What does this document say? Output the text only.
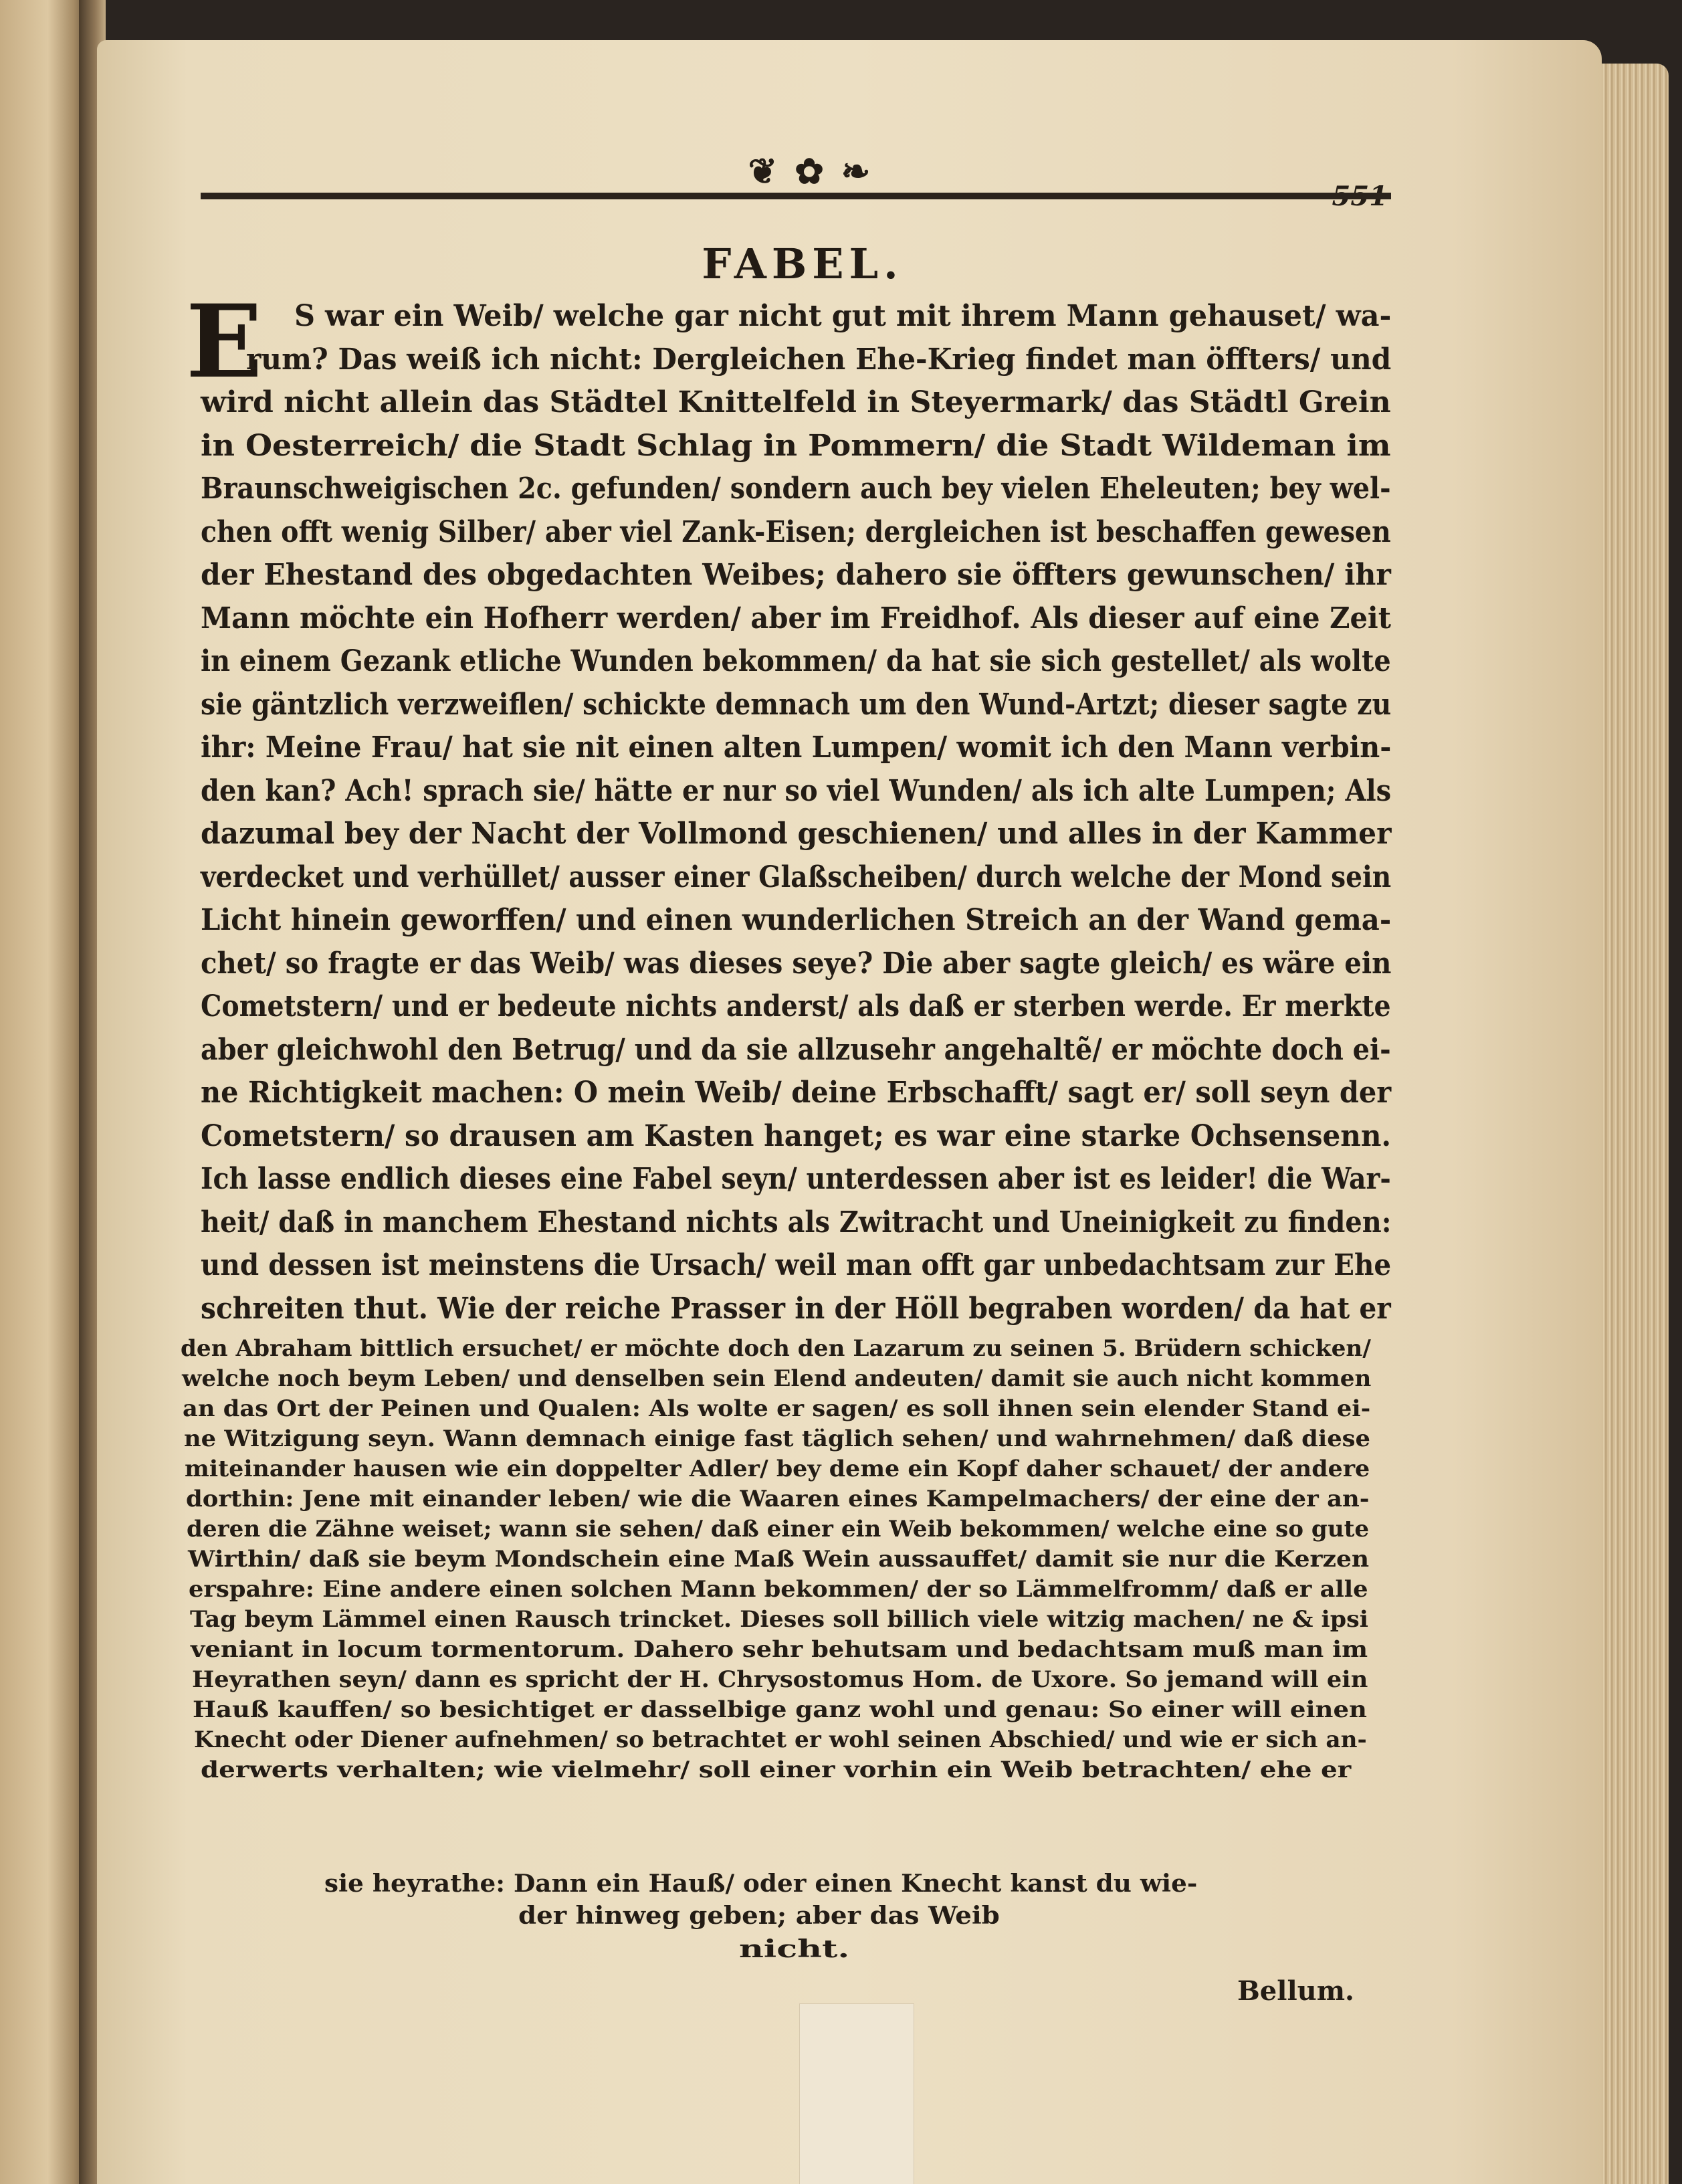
❦ ✿ ❧
FABEL.
E S war ein Weib/ welche gar nicht gut mit ihrem Mann gehauset/ wa-
rum? Das weiß ich nicht: Dergleichen Ehe-Krieg findet man öffters/ und
wird nicht allein das Städtel Knittelfeld in Steyermark/ das Städtl Grein
in Oesterreich/ die Stadt Schlag in Pommern/ die Stadt Wildeman im
Braunschweigischen 2c. gefunden/ sondern auch bey vielen Eheleuten; bey wel-
chen offt wenig Silber/ aber viel Zank-Eisen; dergleichen ist beschaffen gewesen
der Ehestand des obgedachten Weibes; dahero sie öffters gewunschen/ ihr
Mann möchte ein Hofherr werden/ aber im Freidhof. Als dieser auf eine Zeit
in einem Gezank etliche Wunden bekommen/ da hat sie sich gestellet/ als wolte
sie gäntzlich verzweiflen/ schickte demnach um den Wund-Artzt; dieser sagte zu
ihr: Meine Frau/ hat sie nit einen alten Lumpen/ womit ich den Mann verbin-
den kan? Ach! sprach sie/ hätte er nur so viel Wunden/ als ich alte Lumpen; Als
dazumal bey der Nacht der Vollmond geschienen/ und alles in der Kammer
verdecket und verhüllet/ ausser einer Glaßscheiben/ durch welche der Mond sein
Licht hinein geworffen/ und einen wunderlichen Streich an der Wand gema-
chet/ so fragte er das Weib/ was dieses seye? Die aber sagte gleich/ es wäre ein
Cometstern/ und er bedeute nichts anderst/ als daß er sterben werde. Er merkte
aber gleichwohl den Betrug/ und da sie allzusehr angehaltẽ/ er möchte doch ei-
ne Richtigkeit machen: O mein Weib/ deine Erbschafft/ sagt er/ soll seyn der
Cometstern/ so drausen am Kasten hanget; es war eine starke Ochsensenn.
Ich lasse endlich dieses eine Fabel seyn/ unterdessen aber ist es leider! die War-
heit/ daß in manchem Ehestand nichts als Zwitracht und Uneinigkeit zu finden:
und dessen ist meinstens die Ursach/ weil man offt gar unbedachtsam zur Ehe
schreiten thut. Wie der reiche Prasser in der Höll begraben worden/ da hat er
den Abraham bittlich ersuchet/ er möchte doch den Lazarum zu seinen 5. Brüdern schicken/
welche noch beym Leben/ und denselben sein Elend andeuten/ damit sie auch nicht kommen
an das Ort der Peinen und Qualen: Als wolte er sagen/ es soll ihnen sein elender Stand ei-
ne Witzigung seyn. Wann demnach einige fast täglich sehen/ und wahrnehmen/ daß diese
miteinander hausen wie ein doppelter Adler/ bey deme ein Kopf daher schauet/ der andere
dorthin: Jene mit einander leben/ wie die Waaren eines Kampelmachers/ der eine der an-
deren die Zähne weiset; wann sie sehen/ daß einer ein Weib bekommen/ welche eine so gute
Wirthin/ daß sie beym Mondschein eine Maß Wein aussauffet/ damit sie nur die Kerzen
erspahre: Eine andere einen solchen Mann bekommen/ der so Lämmelfromm/ daß er alle
Tag beym Lämmel einen Rausch trincket. Dieses soll billich viele witzig machen/ ne & ipsi
veniant in locum tormentorum. Dahero sehr behutsam und bedachtsam muß man im
Heyrathen seyn/ dann es spricht der H. Chrysostomus Hom. de Uxore. So jemand will ein
Hauß kauffen/ so besichtiget er dasselbige ganz wohl und genau: So einer will einen
Knecht oder Diener aufnehmen/ so betrachtet er wohl seinen Abschied/ und wie er sich an-
derwerts verhalten; wie vielmehr/ soll einer vorhin ein Weib betrachten/ ehe er
sie heyrathe: Dann ein Hauß/ oder einen Knecht kanst du wie-
der hinweg geben; aber das Weib
nicht.
Bellum.
